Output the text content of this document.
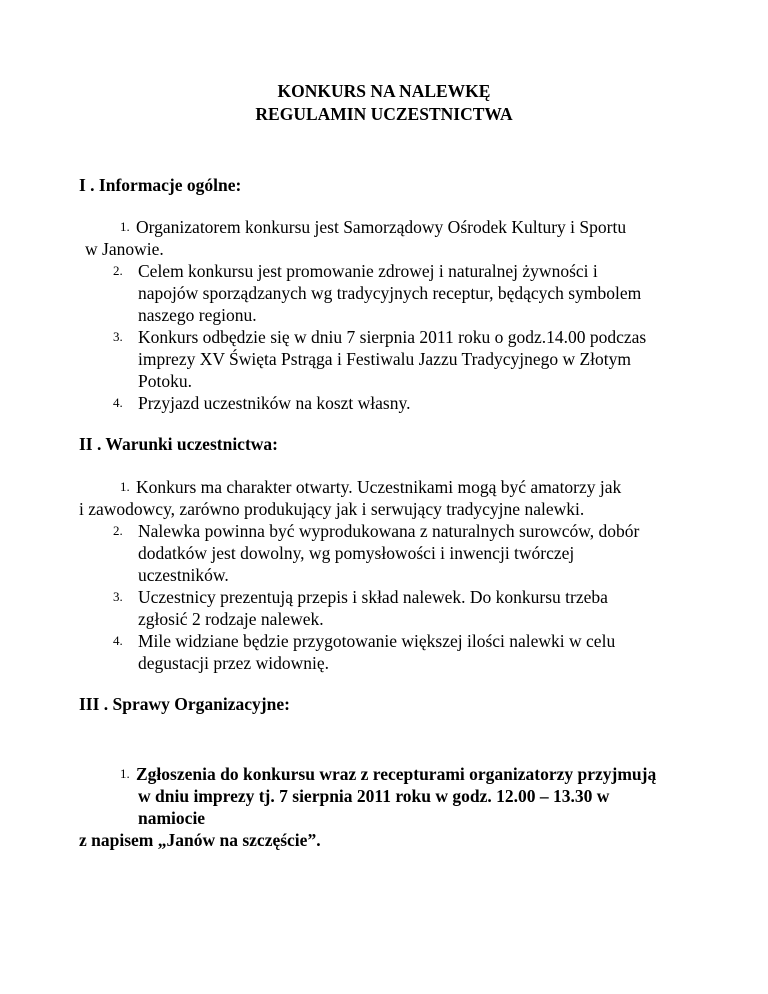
KONKURS NA NALEWKĘ
REGULAMIN UCZESTNICTWA
I . Informacje ogólne:
1. Organizatorem konkursu jest Samorządowy Ośrodek Kultury i Sportu
w Janowie.
2. Celem konkursu jest promowanie zdrowej i naturalnej żywności i
napojów sporządzanych wg tradycyjnych receptur, będących symbolem
naszego regionu.
3. Konkurs odbędzie się w dniu 7 sierpnia 2011 roku o godz.14.00 podczas
imprezy XV Święta Pstrąga i Festiwalu Jazzu Tradycyjnego w Złotym
Potoku.
4. Przyjazd uczestników na koszt własny.
II . Warunki uczestnictwa:
1. Konkurs ma charakter otwarty. Uczestnikami mogą być amatorzy jak
i zawodowcy, zarówno produkujący jak i serwujący tradycyjne nalewki.
2. Nalewka powinna być wyprodukowana z naturalnych surowców, dobór
dodatków jest dowolny, wg pomysłowości i inwencji twórczej
uczestników.
3. Uczestnicy prezentują przepis i skład nalewek. Do konkursu trzeba
zgłosić 2 rodzaje nalewek.
4. Mile widziane będzie przygotowanie większej ilości nalewki w celu
degustacji przez widownię.
III . Sprawy Organizacyjne:
1. Zgłoszenia do konkursu wraz z recepturami organizatorzy przyjmują
w dniu imprezy tj. 7 sierpnia 2011 roku w godz. 12.00 – 13.30 w
namiocie
z napisem „Janów na szczęście”.
